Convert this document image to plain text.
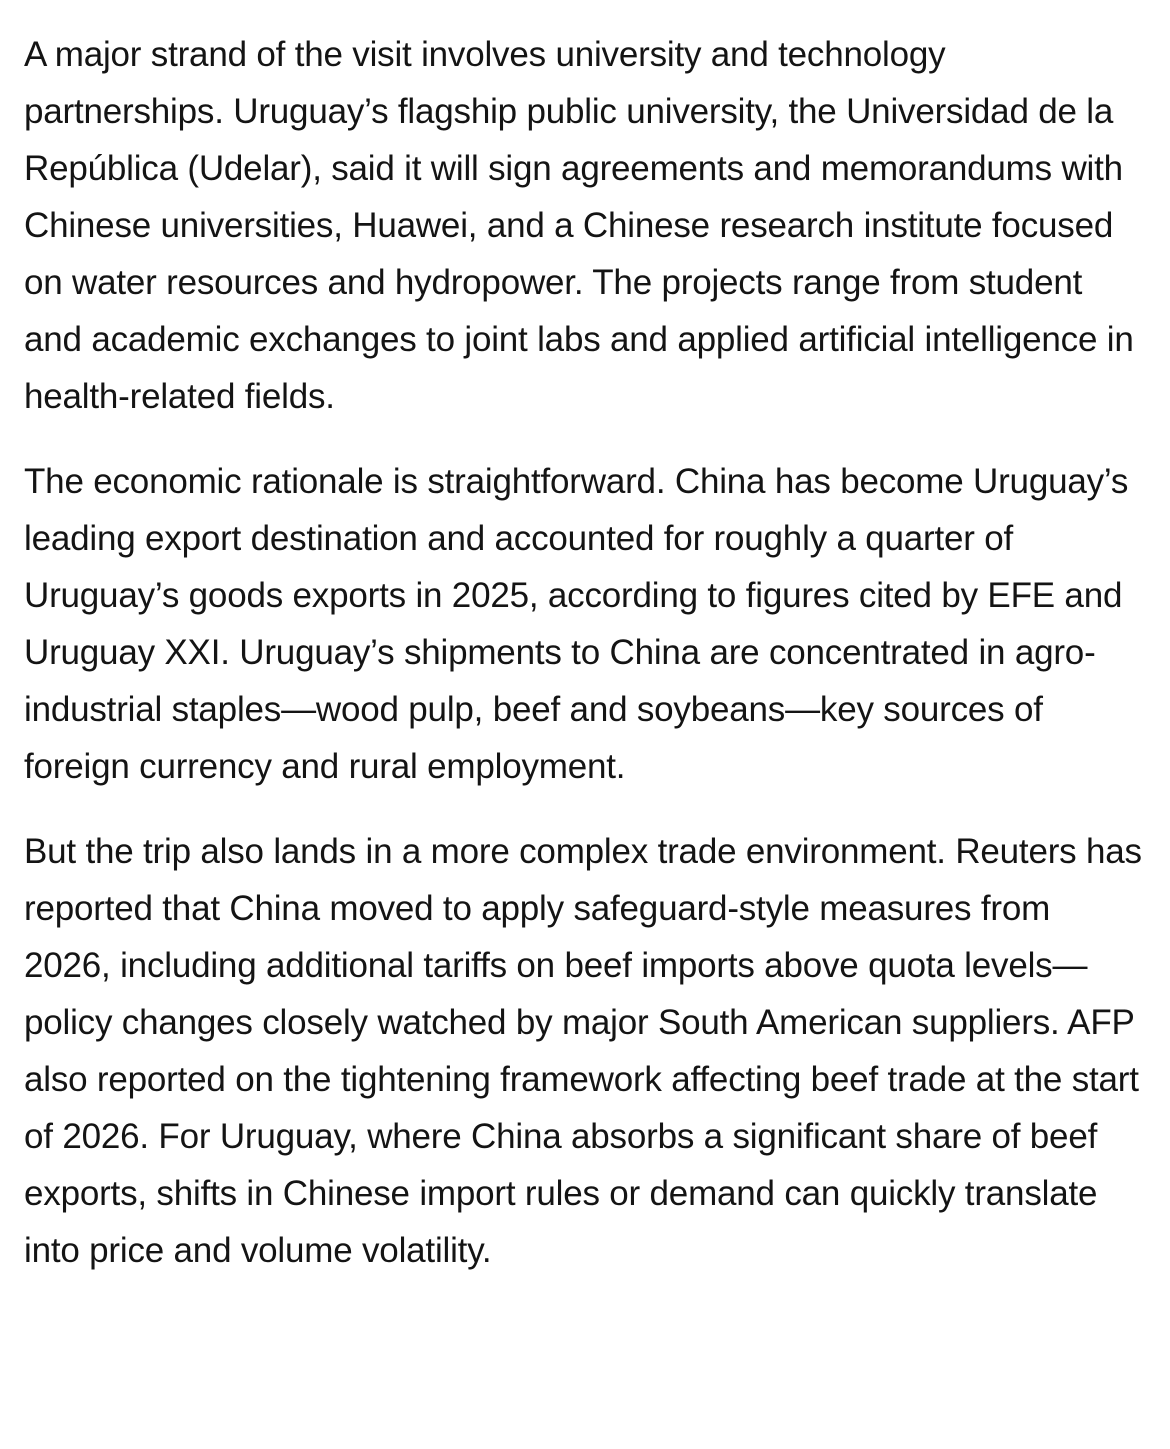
A major strand of the visit involves university and technology partnerships. Uruguay’s flagship public university, the Universidad de la República (Udelar), said it will sign agreements and memorandums with Chinese universities, Huawei, and a Chinese research institute focused on water resources and hydropower. The projects range from student and academic exchanges to joint labs and applied artificial intelligence in health-related fields.

The economic rationale is straightforward. China has become Uruguay’s leading export destination and accounted for roughly a quarter of Uruguay’s goods exports in 2025, according to figures cited by EFE and Uruguay XXI. Uruguay’s shipments to China are concentrated in agro-industrial staples—wood pulp, beef and soybeans—key sources of foreign currency and rural employment.

But the trip also lands in a more complex trade environment. Reuters has reported that China moved to apply safeguard-style measures from 2026, including additional tariffs on beef imports above quota levels—policy changes closely watched by major South American suppliers. AFP also reported on the tightening framework affecting beef trade at the start of 2026. For Uruguay, where China absorbs a significant share of beef exports, shifts in Chinese import rules or demand can quickly translate into price and volume volatility.
